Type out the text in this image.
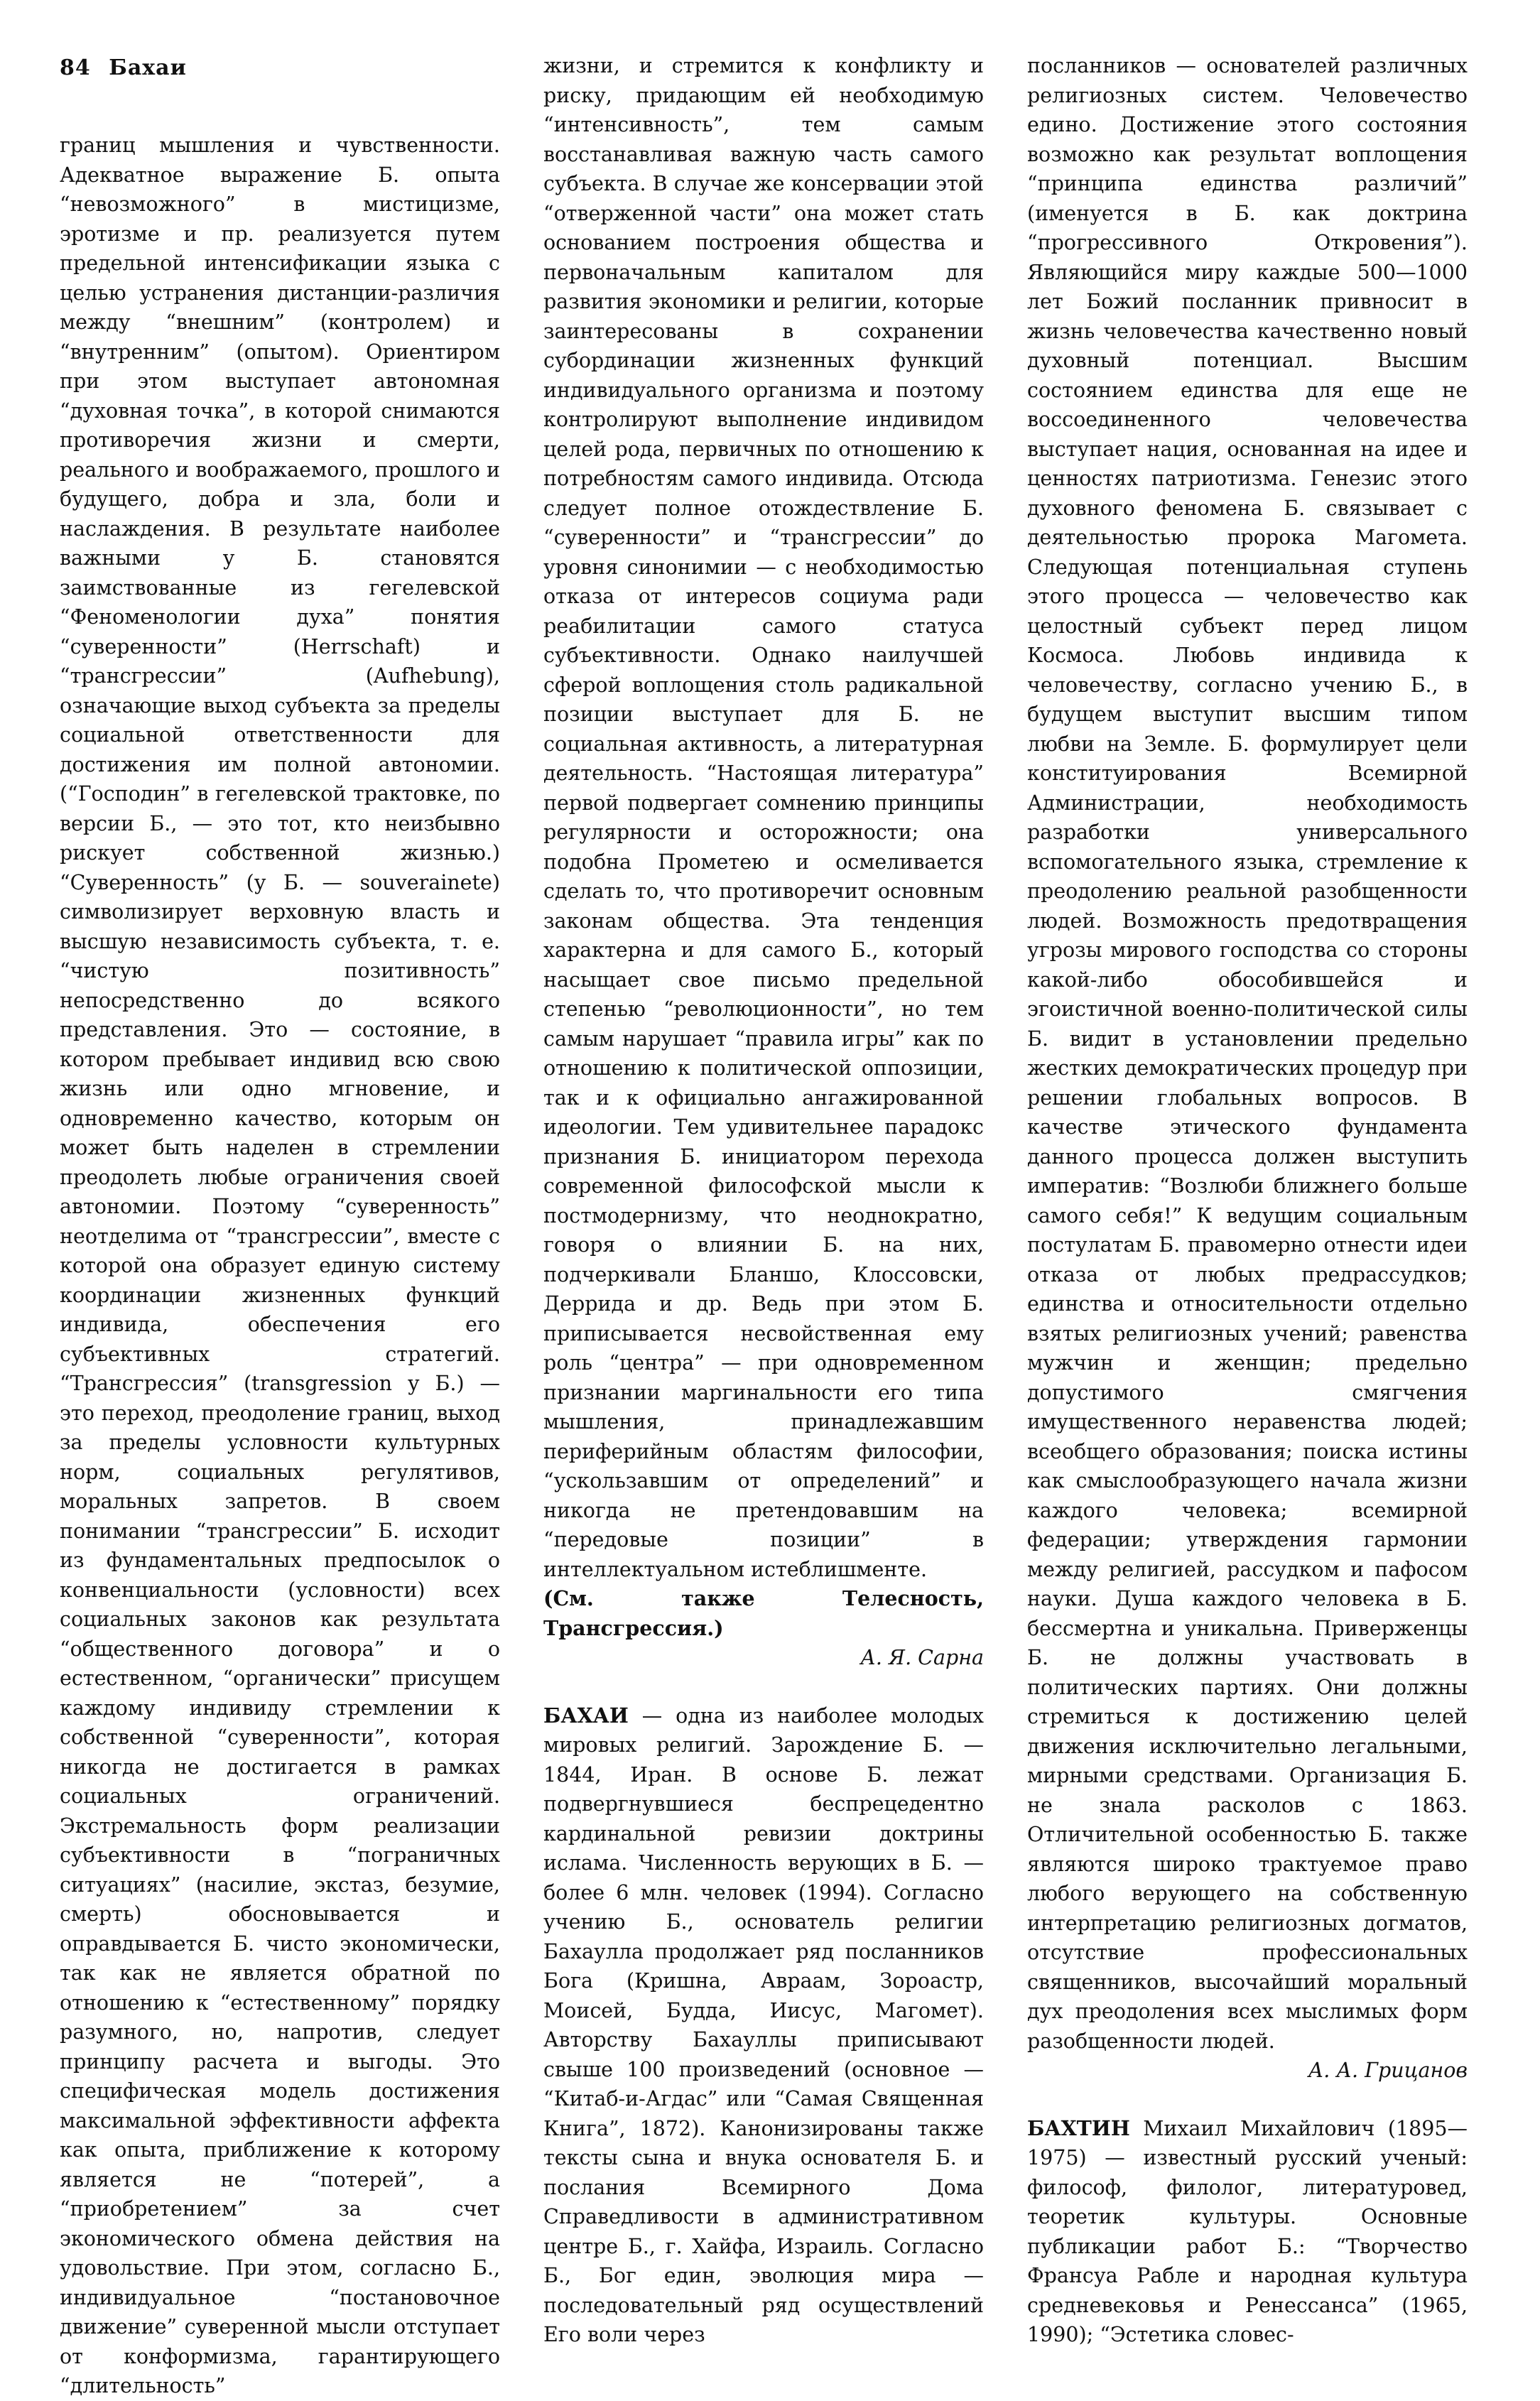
84 Бахаи

границ мышления и чувственности. Адекватное выражение Б. опыта “невозможного” в мистицизме, эротизме и пр. реализуется путем предельной интенсификации языка с целью устранения дистанции-различия между “внешним” (контролем) и “внутренним” (опытом). Ориентиром при этом выступает автономная “духовная точка”, в которой снимаются противоречия жизни и смерти, реального и воображаемого, прошлого и будущего, добра и зла, боли и наслаждения. В результате наиболее важными у Б. становятся заимствованные из гегелевской “Феноменологии духа” понятия “суверенности” (Herrschaft) и “трансгрессии” (Aufhebung), означающие выход субъекта за пределы социальной ответственности для достижения им полной автономии. (“Господин” в гегелевской трактовке, по версии Б., — это тот, кто неизбывно рискует собственной жизнью.) “Суверенность” (у Б. — souverainete) символизирует верховную власть и высшую независимость субъекта, т. е. “чистую позитивность” непосредственно до всякого представления. Это — состояние, в котором пребывает индивид всю свою жизнь или одно мгновение, и одновременно качество, которым он может быть наделен в стремлении преодолеть любые ограничения своей автономии. Поэтому “суверенность” неотделима от “трансгрессии”, вместе с которой она образует единую систему координации жизненных функций индивида, обеспечения его субъективных стратегий. “Трансгрессия” (transgression у Б.) — это переход, преодоление границ, выход за пределы условности культурных норм, социальных регулятивов, моральных запретов. В своем понимании “трансгрессии” Б. исходит из фундаментальных предпосылок о конвенциальности (условности) всех социальных законов как результата “общественного договора” и о естественном, “органически” присущем каждому индивиду стремлении к собственной “суверенности”, которая никогда не достигается в рамках социальных ограничений. Экстремальность форм реализации субъективности в “пограничных ситуациях” (насилие, экстаз, безумие, смерть) обосновывается и оправдывается Б. чисто экономически, так как не является обратной по отношению к “естественному” порядку разумного, но, напротив, следует принципу расчета и выгоды. Это специфическая модель достижения максимальной эффективности аффекта как опыта, приближение к которому является не “потерей”, а “приобретением” за счет экономического обмена действия на удовольствие. При этом, согласно Б., индивидуальное “постановочное движение” суверенной мысли отступает от конформизма, гарантирующего “длительность”

жизни, и стремится к конфликту и риску, придающим ей необходимую “интенсивность”, тем самым восстанавливая важную часть самого субъекта. В случае же консервации этой “отверженной части” она может стать основанием построения общества и первоначальным капиталом для развития экономики и религии, которые заинтересованы в сохранении субординации жизненных функций индивидуального организма и поэтому контролируют выполнение индивидом целей рода, первичных по отношению к потребностям самого индивида. Отсюда следует полное отождествление Б. “суверенности” и “трансгрессии” до уровня синонимии — с необходимостью отказа от интересов социума ради реабилитации самого статуса субъективности. Однако наилучшей сферой воплощения столь радикальной позиции выступает для Б. не социальная активность, а литературная деятельность. “Настоящая литература” первой подвергает сомнению принципы регулярности и осторожности; она подобна Прометею и осмеливается сделать то, что противоречит основным законам общества. Эта тенденция характерна и для самого Б., который насыщает свое письмо предельной степенью “революционности”, но тем самым нарушает “правила игры” как по отношению к политической оппозиции, так и к официально ангажированной идеологии. Тем удивительнее парадокс признания Б. инициатором перехода современной философской мысли к постмодернизму, что неоднократно, говоря о влиянии Б. на них, подчеркивали Бланшо, Клоссовски, Деррида и др. Ведь при этом Б. приписывается несвойственная ему роль “центра” — при одновременном признании маргинальности его типа мышления, принадлежавшим периферийным областям философии, “ускользавшим от определений” и никогда не претендовавшим на “передовые позиции” в интеллектуальном истеблишменте.

(См. также Телесность, Трансгрессия.)

А. Я. Сарна

БАХАИ — одна из наиболее молодых мировых религий. Зарождение Б. — 1844, Иран. В основе Б. лежат подвергнувшиеся беспрецедентно кардинальной ревизии доктрины ислама. Численность верующих в Б. — более 6 млн. человек (1994). Согласно учению Б., основатель религии Бахаулла продолжает ряд посланников Бога (Кришна, Авраам, Зороастр, Моисей, Будда, Иисус, Магомет). Авторству Бахауллы приписывают свыше 100 произведений (основное — “Китаб-и-Агдас” или “Самая Священная Книга”, 1872). Канонизированы также тексты сына и внука основателя Б. и послания Всемирного Дома Справедливости в административном центре Б., г. Хайфа, Израиль. Согласно Б., Бог един, эволюция мира — последовательный ряд осуществлений Его воли через

посланников — основателей различных религиозных систем. Человечество едино. Достижение этого состояния возможно как результат воплощения “принципа единства различий” (именуется в Б. как доктрина “прогрессивного Откровения”). Являющийся миру каждые 500—1000 лет Божий посланник привносит в жизнь человечества качественно новый духовный потенциал. Высшим состоянием единства для еще не воссоединенного человечества выступает нация, основанная на идее и ценностях патриотизма. Генезис этого духовного феномена Б. связывает с деятельностью пророка Магомета. Следующая потенциальная ступень этого процесса — человечество как целостный субъект перед лицом Космоса. Любовь индивида к человечеству, согласно учению Б., в будущем выступит высшим типом любви на Земле. Б. формулирует цели конституирования Всемирной Администрации, необходимость разработки универсального вспомогательного языка, стремление к преодолению реальной разобщенности людей. Возможность предотвращения угрозы мирового господства со стороны какой-либо обособившейся и эгоистичной военно-политической силы Б. видит в установлении предельно жестких демократических процедур при решении глобальных вопросов. В качестве этического фундамента данного процесса должен выступить императив: “Возлюби ближнего больше самого себя!” К ведущим социальным постулатам Б. правомерно отнести идеи отказа от любых предрассудков; единства и относительности отдельно взятых религиозных учений; равенства мужчин и женщин; предельно допустимого смягчения имущественного неравенства людей; всеобщего образования; поиска истины как смыслообразующего начала жизни каждого человека; всемирной федерации; утверждения гармонии между религией, рассудком и пафосом науки. Душа каждого человека в Б. бессмертна и уникальна. Приверженцы Б. не должны участвовать в политических партиях. Они должны стремиться к достижению целей движения исключительно легальными, мирными средствами. Организация Б. не знала расколов с 1863. Отличительной особенностью Б. также являются широко трактуемое право любого верующего на собственную интерпретацию религиозных догматов, отсутствие профессиональных священников, высочайший моральный дух преодоления всех мыслимых форм разобщенности людей.

А. А. Грицанов

БАХТИН Михаил Михайлович (1895—1975) — известный русский ученый: философ, филолог, литературовед, теоретик культуры. Основные публикации работ Б.: “Творчество Франсуа Рабле и народная культура средневековья и Ренессанса” (1965, 1990); “Эстетика словес-
